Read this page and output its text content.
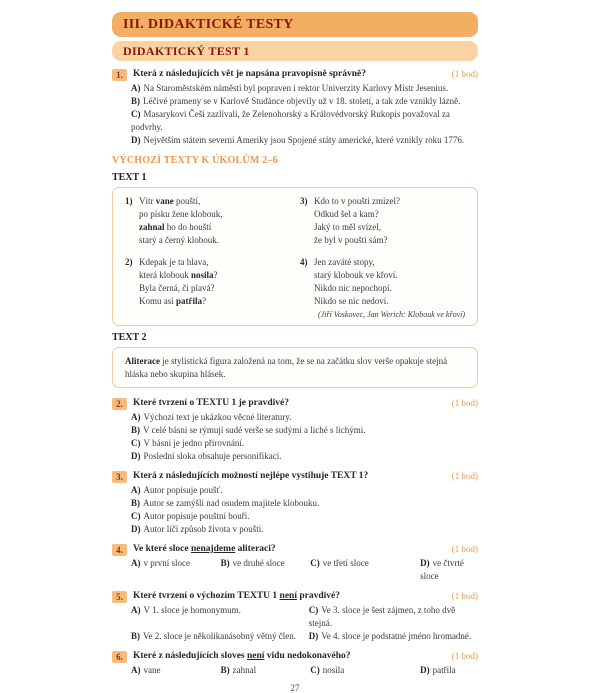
III. DIDAKTICKÉ TESTY
DIDAKTICKÝ TEST 1
1.	Která z následujících vět je napsána pravopisně správně?	(1 bod)
A) Na Staroměstském náměstí byl popraven i rektor Univerzity Karlovy Mistr Jesenius.
B) Léčivé prameny se v Karlově Studánce objevily už v 18. století, a tak zde vznikly lázně.
C) Masarykovi Češi zazlívali, že Zelenohorský a Královédvorský Rukopis považoval za podvrhy.
D) Největším státem severní Ameriky jsou Spojené státy americké, které vznikly roku 1776.
VÝCHOZÍ TEXTY K ÚKOLŮM 2–6
TEXT 1
1) Vítr vane pouští,
po písku žene klobouk,
zahnal ho do houští
starý a černý klobouk.
2) Kdepak je ta hlava,
která klobouk nosila?
Byla černá, či plavá?
Komu asi patřila?
3) Kdo to v poušti zmizel?
Odkud šel a kam?
Jaký to měl svízel,
že byl v poušti sám?
4) Jen zaváté stopy,
starý klobouk ve křoví.
Nikdo nic nepochopí.
Nikdo se nic nedoví.
(Jiří Voskovec, Jan Werich: Klobouk ve křoví)
TEXT 2
Aliterace je stylistická figura založená na tom, že se na začátku slov verše opakuje stejná hláska nebo skupina hlásek.
2.	Které tvrzení o TEXTU 1 je pravdivé?	(1 bod)
A) Výchozí text je ukázkou věcné literatury.
B) V celé básni se rýmují sudé verše se sudými a liché s lichými.
C) V básni je jedno přirovnání.
D) Poslední sloka obsahuje personifikaci.
3.	Která z následujících možností nejlépe vystihuje TEXT 1?	(1 bod)
A) Autor popisuje poušť.
B) Autor se zamýšlí nad osudem majitele klobouku.
C) Autor popisuje pouštní bouři.
D) Autor líčí způsob života v poušti.
4.	Ve které sloce nenajdeme aliteraci?	(1 bod)
A) v první sloce	B) ve druhé sloce	C) ve třetí sloce	D) ve čtvrté sloce
5.	Které tvrzení o výchozím TEXTU 1 není pravdivé?	(1 bod)
A) V 1. sloce je homonymum.	C) Ve 3. sloce je šest zájmen, z toho dvě stejná.
B) Ve 2. sloce je několikanásobný větný člen.	D) Ve 4. sloce je podstatné jméno hromadné.
6.	Které z následujících sloves není vidu nedokonavého?	(1 bod)
A) vane	B) zahnal	C) nosila	D) patřila
27
